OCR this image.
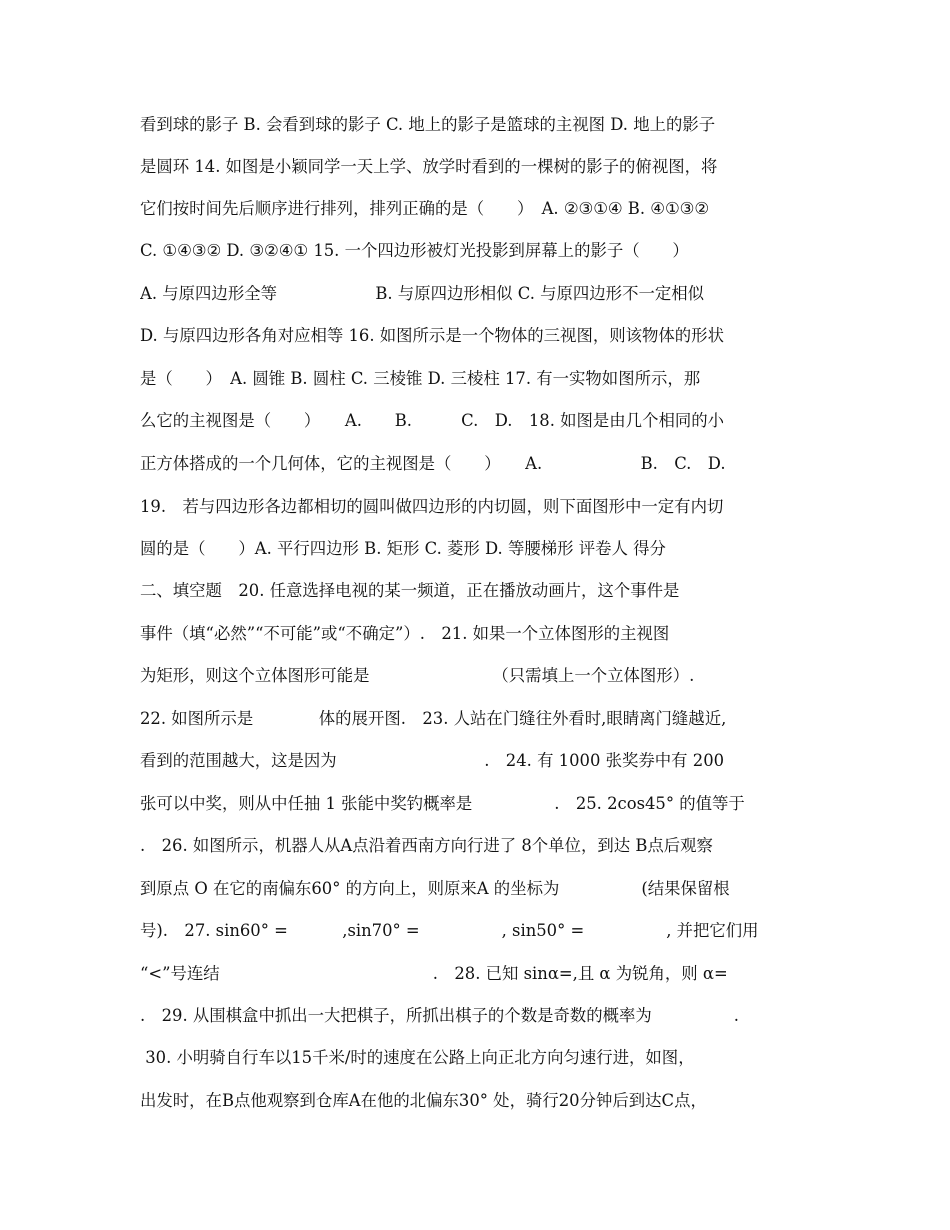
看到球的影子 B. 会看到球的影子 C. 地上的影子是篮球的主视图 D. 地上的影子
是圆环 14. 如图是小颖同学一天上学、放学时看到的一棵树的影子的俯视图，将
它们按时间先后顺序进行排列，排列正确的是（　　）　A. ②③①④ B. ④①③②
C. ①④③② D. ③②④① 15. 一个四边形被灯光投影到屏幕上的影子（　　）
A. 与原四边形全等　　　　　　B. 与原四边形相似 C. 与原四边形不一定相似
D. 与原四边形各角对应相等 16. 如图所示是一个物体的三视图，则该物体的形状
是（　　）　A. 圆锥 B. 圆柱 C. 三棱锥 D. 三棱柱 17. 有一实物如图所示，那
么它的主视图是（　　）　　A.　　B.　　　C.　D.　18. 如图是由几个相同的小
正方体搭成的一个几何体，它的主视图是（　　）　　A.　　　　　　B.　C.　D.
19.　若与四边形各边都相切的圆叫做四边形的内切圆，则下面图形中一定有内切
圆的是（　　）A. 平行四边形 B. 矩形 C. 菱形 D. 等腰梯形 评卷人 得分
二、填空题　20. 任意选择电视的某一频道，正在播放动画片，这个事件是
事件（填“必然”“不可能”或“不确定”）.　21. 如果一个立体图形的主视图
为矩形，则这个立体图形可能是　　　　　　　　（只需填上一个立体图形）.
22. 如图所示是　　　　体的展开图.　23. 人站在门缝往外看时,眼睛离门缝越近,
看到的范围越大，这是因为　　　　　　　　　.　24. 有 1000 张奖券中有 200
张可以中奖，则从中任抽 1 张能中奖钓概率是　　　　　.　25. 2cos45° 的值等于
.　26. 如图所示，机器人从A点沿着西南方向行进了 8个单位，到达 B点后观察
到原点 O 在它的南偏东60° 的方向上，则原来A 的坐标为　　　　　(结果保留根
号).　27. sin60° =　　　 ,sin70° =　　　　　, sin50° =　　　　　, 并把它们用
“<”号连结　　　　　　　　　　　　　.　28. 已知 sinα=,且 α 为锐角，则 α=
.　29. 从围棋盒中抓出一大把棋子，所抓出棋子的个数是奇数的概率为　　　　　.
30. 小明骑自行车以15千米/时的速度在公路上向正北方向匀速行进，如图，
出发时，在B点他观察到仓库A在他的北偏东30° 处，骑行20分钟后到达C点，
